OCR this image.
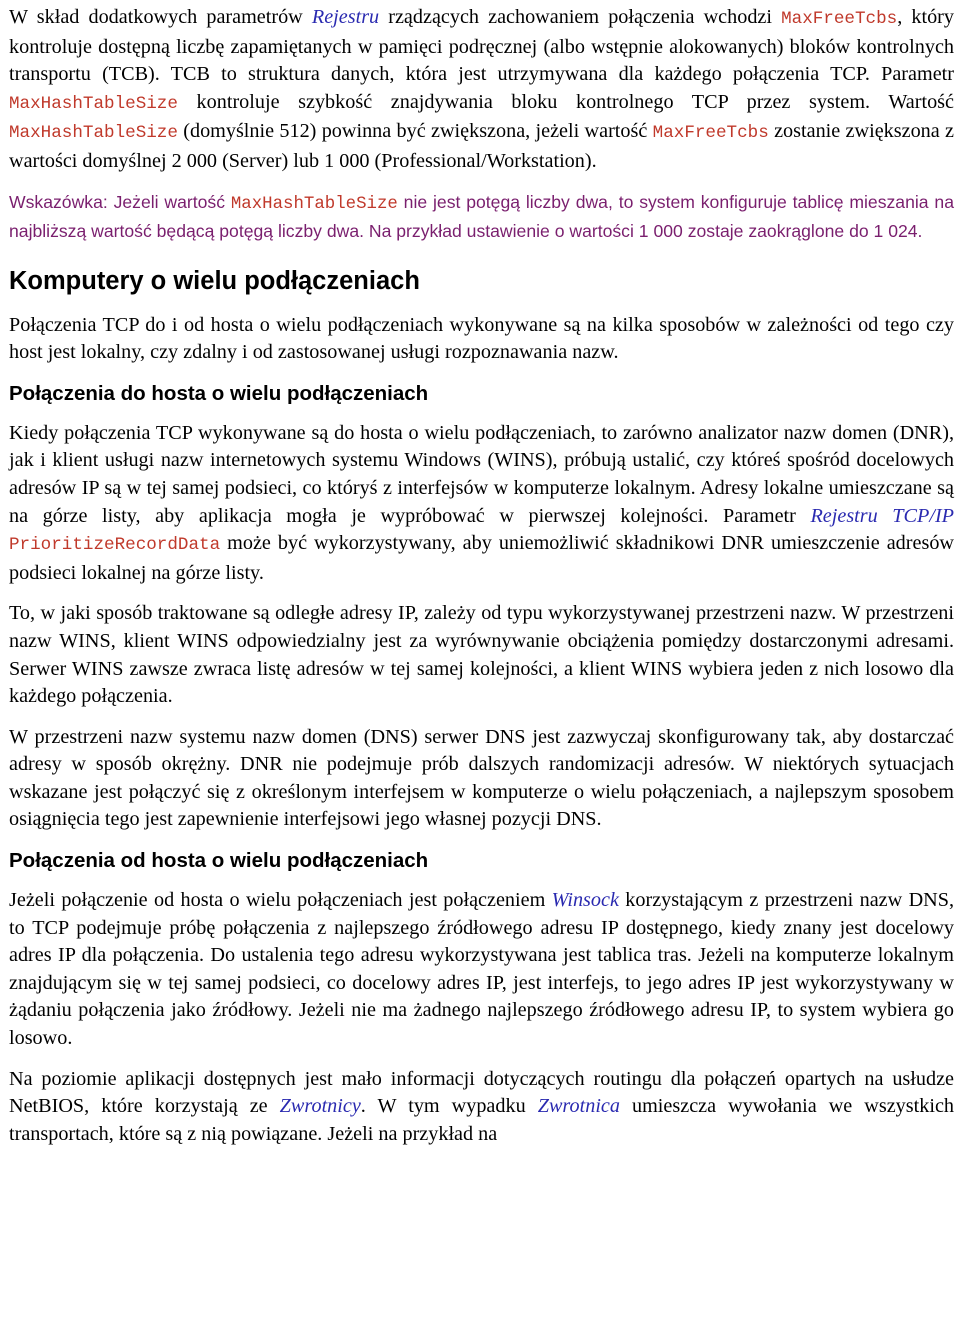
W skład dodatkowych parametrów Rejestru rządzących zachowaniem połączenia wchodzi MaxFreeTcbs, który kontroluje dostępną liczbę zapamiętanych w pamięci podręcznej (albo wstępnie alokowanych) bloków kontrolnych transportu (TCB). TCB to struktura danych, która jest utrzymywana dla każdego połączenia TCP. Parametr MaxHashTableSize kontroluje szybkość znajdywania bloku kontrolnego TCP przez system. Wartość MaxHashTableSize (domyślnie 512) powinna być zwiększona, jeżeli wartość MaxFreeTcbs zostanie zwiększona z wartości domyślnej 2 000 (Server) lub 1 000 (Professional/Workstation).

Wskazówka: Jeżeli wartość MaxHashTableSize nie jest potęgą liczby dwa, to system konfiguruje tablicę mieszania na najbliższą wartość będącą potęgą liczby dwa. Na przykład ustawienie o wartości 1 000 zostaje zaokrąglone do 1 024.

Komputery o wielu podłączeniach

Połączenia TCP do i od hosta o wielu podłączeniach wykonywane są na kilka sposobów w zależności od tego czy host jest lokalny, czy zdalny i od zastosowanej usługi rozpoznawania nazw.

Połączenia do hosta o wielu podłączeniach

Kiedy połączenia TCP wykonywane są do hosta o wielu podłączeniach, to zarówno analizator nazw domen (DNR), jak i klient usługi nazw internetowych systemu Windows (WINS), próbują ustalić, czy któreś spośród docelowych adresów IP są w tej samej podsieci, co któryś z interfejsów w komputerze lokalnym. Adresy lokalne umieszczane są na górze listy, aby aplikacja mogła je wypróbować w pierwszej kolejności. Parametr Rejestru TCP/IP PrioritizeRecordData może być wykorzystywany, aby uniemożliwić składnikowi DNR umieszczenie adresów podsieci lokalnej na górze listy.

To, w jaki sposób traktowane są odległe adresy IP, zależy od typu wykorzystywanej przestrzeni nazw. W przestrzeni nazw WINS, klient WINS odpowiedzialny jest za wyrównywanie obciążenia pomiędzy dostarczonymi adresami. Serwer WINS zawsze zwraca listę adresów w tej samej kolejności, a klient WINS wybiera jeden z nich losowo dla każdego połączenia.

W przestrzeni nazw systemu nazw domen (DNS) serwer DNS jest zazwyczaj skonfigurowany tak, aby dostarczać adresy w sposób okrężny. DNR nie podejmuje prób dalszych randomizacji adresów. W niektórych sytuacjach wskazane jest połączyć się z określonym interfejsem w komputerze o wielu połączeniach, a najlepszym sposobem osiągnięcia tego jest zapewnienie interfejsowi jego własnej pozycji DNS.

Połączenia od hosta o wielu podłączeniach

Jeżeli połączenie od hosta o wielu połączeniach jest połączeniem Winsock korzystającym z przestrzeni nazw DNS, to TCP podejmuje próbę połączenia z najlepszego źródłowego adresu IP dostępnego, kiedy znany jest docelowy adres IP dla połączenia. Do ustalenia tego adresu wykorzystywana jest tablica tras. Jeżeli na komputerze lokalnym znajdującym się w tej samej podsieci, co docelowy adres IP, jest interfejs, to jego adres IP jest wykorzystywany w żądaniu połączenia jako źródłowy. Jeżeli nie ma żadnego najlepszego źródłowego adresu IP, to system wybiera go losowo.

Na poziomie aplikacji dostępnych jest mało informacji dotyczących routingu dla połączeń opartych na usłudze NetBIOS, które korzystają ze Zwrotnicy. W tym wypadku Zwrotnica umieszcza wywołania we wszystkich transportach, które są z nią powiązane. Jeżeli na przykład na
